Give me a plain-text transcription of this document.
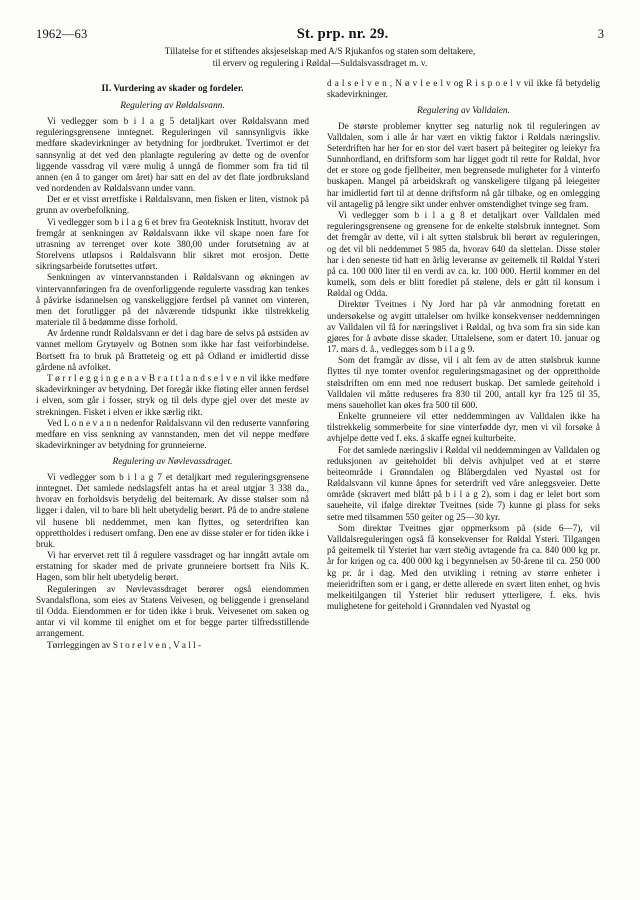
1962—63	St. prp. nr. 29.	3
Tillatelse for et stiftendes aksjeselskap med A/S Rjukanfos og staten som deltakere,
til erverv og regulering i Røldal—Suldalsvassdraget m. v.
II. Vurdering av skader og fordeler.
Regulering av Røldalsvann.

Vi vedlegger som b i l a g 5 detaljkart over Røldalsvann med reguleringsgrensene inntegnet. Reguleringen vil sannsynligvis ikke medføre skadevirkninger av betydning for jordbruket. Tvertimot er det sannsynlig at det ved den planlagte regulering av dette og de ovenfor liggende vassdrag vil være mulig å unngå de flommer som fra tid til annen (en å to ganger om året) har satt en del av det flate jordbruksland ved nordenden av Røldalsvann under vann.

Det er et visst ørretfiske i Røldalsvann, men fisken er liten, vistnok på grunn av overbefolkning.

Vi vedlegger som b i l a g 6 et brev fra Geoteknisk Institutt, hvorav det fremgår at senkningen av Røldalsvann ikke vil skape noen fare for utrasning av terrenget over kote 380,00 under forutsetning av at Storelvens utløpsos i Røldalsvann blir sikret mot erosjon. Dette sikringsarbeide forutsettes utført.

Senkningen av vintervannstanden i Røldalsvann og økningen av vintervannføringen fra de ovenforliggende regulerte vassdrag kan tenkes å påvirke isdannelsen og vanskeliggjøre ferdsel på vannet om vinteren, men det forutligger på det nåværende tidspunkt ikke tilstrekkelig materiale til å bedømme disse forhold.

Av årdenne rundt Røldalsvann er det i dag bare de selvs på østsiden av vannet mellom Grytøyelv og Botnen som ikke har fast veiforbindelse. Bortsett fra to bruk på Bratteteig og ett på Odland er imidlertid disse gårdene nå avfolket.

T ø r r l e g g i n g e n a v B r a t t l a n d s e l v e n vil ikke medføre skadevirkninger av betydning. Det foregår ikke fløting eller annen ferdsel i elven, som går i fosser, stryk og til dels dype gjel over det meste av strekningen. Fisket i elven er ikke særlig rikt.

Ved L o n e v a n n nedenfor Røldalsvann vil den reduserte vannføring medføre en viss senkning av vannstanden, men det vil neppe medføre skadevirkninger av betydning for grunneierne.

Regulering av Nøvlevassdraget.

Vi vedlegger som b i l a g 7 et detaljkart med reguleringsgrensene inntegnet. Det samlede nedslagsfelt antas ha et areal utgjør 3 338 da., hvorav en forholdsvis betydelig del beitemark. Av disse stølser som nå ligger i dalen, vil to bare bli helt ubetydelig berørt. På de to andre stølene vil husene bli neddemmet, men kan flyttes, og seterdriften kan opprettholdes i redusert omfang. Den ene av disse støler er for tiden ikke i bruk.

Vi har ervervet rett til å regulere vassdraget og har inngått avtale om erstatning for skader med de private grunneiere bortsett fra Nils K. Hagen, som blir helt ubetydelig berørt.

Reguleringen av Nøvlevassdraget berører også eiendommen Svandalsflona, som eies av Statens Veivesen, og beliggende i grenseland til Odda. Eiendommen er for tiden ikke i bruk. Veivesenet om saken og antar vi vil komme til enighet om et for begge parter tilfredsstillende arrangement.

Tørrleggingen av S t o r e l v e n , V a l l -

d a l s e l v e n , N ø v l e e l v og R i s p o e l v vil ikke få betydelig skadevirkninger.

Regulering av Valldalen.

De største problemer knytter seg naturlig nok til reguleringen av Valldalen, som i alle år har vært en viktig faktor i Røldals næringsliv. Seterdriften har her for en stor del vært basert på beitegiter og leiekyr fra Sunnhordland, en driftsform som har ligget godt til rette for Røldal, hvor det er store og gode fjellbeiter, men begrensede muligheter for å vinterfo buskapen. Mangel på arbeidskraft og vanskeligere tilgang på leiegeiter har imidlertid ført til at denne driftsform nå går tilbake, og en omlegging vil antagelig på lengre sikt under enhver omstendighet tvinge seg fram.

Vi vedlegger som b i l a g 8 et detaljkart over Valldalen med reguleringsgrensene og grensene for de enkelte stølsbruk inntegnet. Som det fremgår av dette, vil i alt sytten stølsbruk bli berørt av reguleringen, og det vil bli neddemmet 5 985 da, hvorav 640 da slettelan. Disse støler har i den seneste tid hatt en årlig leveranse av geitemelk til Røldal Ysteri på ca. 100 000 liter til en verdi av ca. kr. 100 000. Hertil kommer en del kumelk, som dels er blitt foredlet på stølene, dels er gått til konsum i Røldal og Odda.

Direktør Tveitnes i Ny Jord har på vår anmodning foretatt en undersøkelse og avgitt uttalelser om hvilke konsekvenser neddemningen av Valldalen vil få for næringslivet i Røldal, og hva som fra sin side kan gjøres for å avbøte disse skader. Uttalelsene, som er datert 10. januar og 17. mars d. å., vedlegges som b i l a g 9.

Som det framgår av disse, vil i alt fem av de atten stølsbruk kunne flyttes til nye tomter ovenfor reguleringsmagasinet og der opprettholde stølsdriften om enn med noe redusert buskap. Det samlede geitehold i Valldalen vil måtte reduseres fra 830 til 200, antall kyr fra 125 til 35, mens sauehollet kan økes fra 500 til 600.

Enkelte grunneiere vil etter neddemmingen av Valldalen ikke ha tilstrekkelig sommerbeite for sine vinterfødde dyr, men vi vil forsøke å avhjelpe dette ved f. eks. å skaffe egnei kulturbeite.

For det samlede næringsliv i Røldal vil neddemmingen av Valldalen og reduksjonen av geiteholdet bli delvis avhjulpet ved at et større beiteområde i Grønndalen og Blåbergdalen ved Nyastøl ost for Røldalsvann vil kunne åpnes for seterdrift ved våre anleggsveier. Dette område (skravert med blått på b i l a g 2), som i dag er lelet bort som saueheite, vil ifølge direktør Tveitnes (side 7) kunne gi plass for seks setre med tilsammen 550 geiter og 25—30 kyr.

Som direktør Tveitnes gjør oppmerksom på (side 6—7), vil Valldalsreguleringen også få konsekvenser for Røldal Ysteri. Tilgangen på geitemelk til Ysteriet har vært steðig avtagende fra ca. 840 000 kg pr. år for krigen og ca. 400 000 kg i begynnelsen av 50-årene til ca. 250 000 kg pr. år i dag. Med den utvikling i retning av større enheter i meieridriften som er i gang, er dette allerede en svært liten enhet, og hvis melkeitilgangen til Ysteriet blir redusert ytterligere, f. eks. hvis mulighetene for geitehold i Grønndalen ved Nyastøl og
